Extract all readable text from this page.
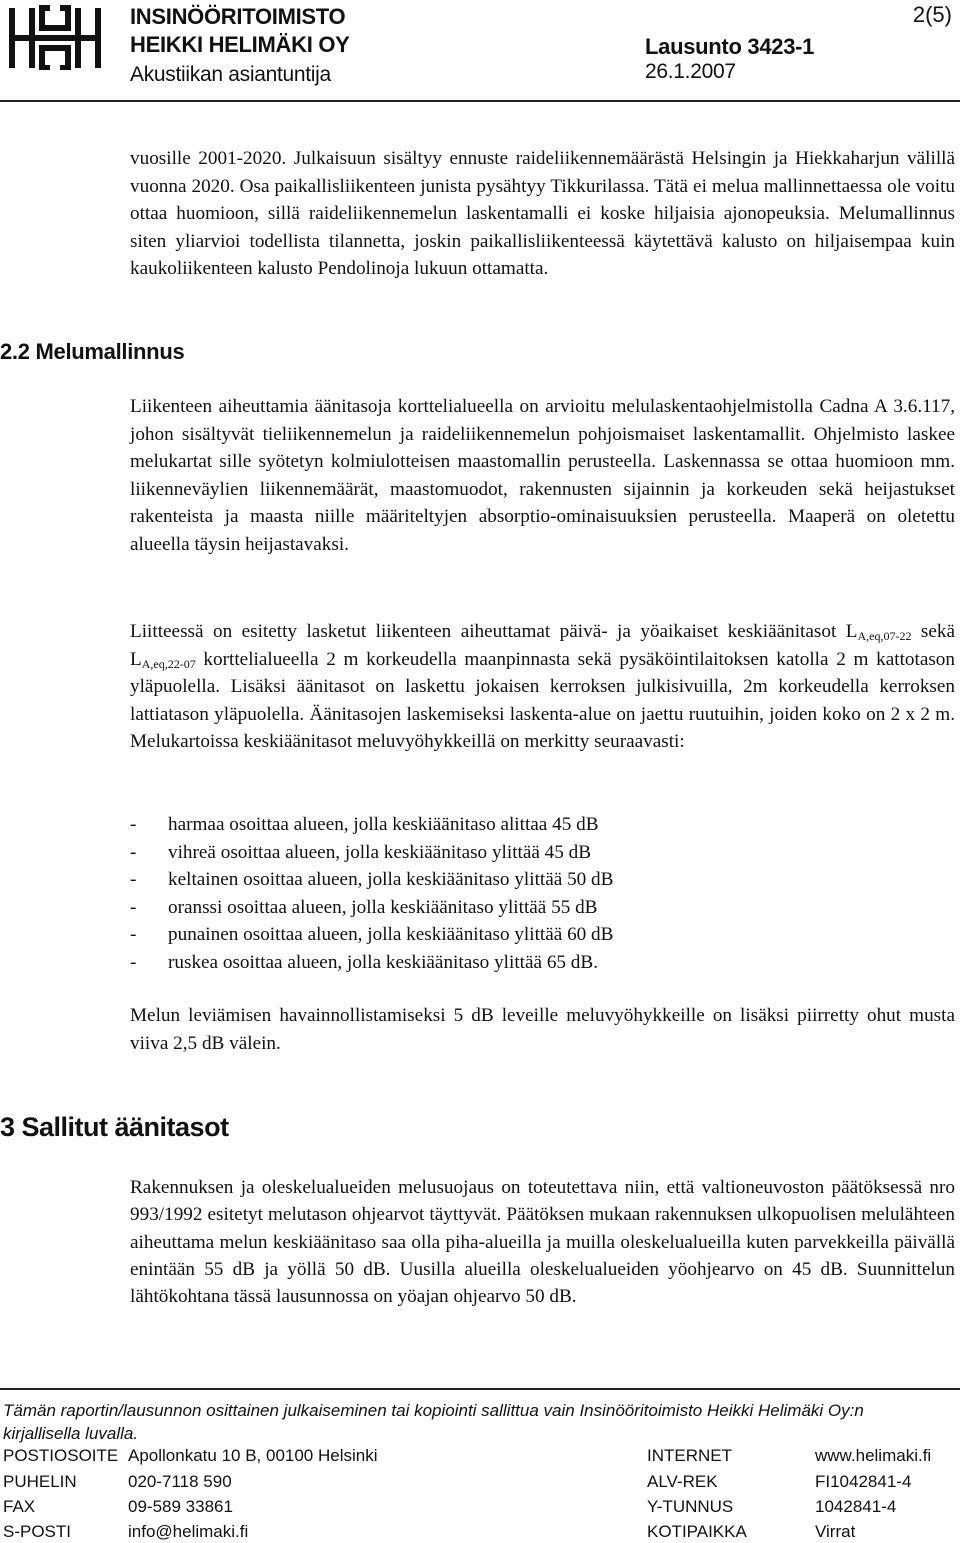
INSINÖÖRITOIMISTO
HEIKKI HELIMÄKI OY
Akustiikan asiantuntija
Lausunto 3423-1
26.1.2007
2(5)

vuosille 2001-2020. Julkaisuun sisältyy ennuste raideliikennemäärästä Helsingin ja Hiekkaharjun välillä vuonna 2020. Osa paikallisliikenteen junista pysähtyy Tikkurilassa. Tätä ei melua mallinnettaessa ole voitu ottaa huomioon, sillä raideliikennemelun laskentamalli ei koske hiljaisia ajonopeuksia. Melumallinnus siten yliarvioi todellista tilannetta, joskin paikallisliikenteessä käytettävä kalusto on hiljaisempaa kuin kaukoliikenteen kalusto Pendolinoja lukuun ottamatta.

2.2 Melumallinnus

Liikenteen aiheuttamia äänitasoja korttelialueella on arvioitu melulaskentaohjelmistolla Cadna A 3.6.117, johon sisältyvät tieliikennemelun ja raideliikennemelun pohjoismaiset laskentamallit. Ohjelmisto laskee melukartat sille syötetyn kolmiulotteisen maastomallin perusteella. Laskennassa se ottaa huomioon mm. liikenneväylien liikennemäärät, maastomuodot, rakennusten sijainnin ja korkeuden sekä heijastukset rakenteista ja maasta niille määriteltyjen absorptio-ominaisuuksien perusteella. Maaperä on oletettu alueella täysin heijastavaksi.

Liitteessä on esitetty lasketut liikenteen aiheuttamat päivä- ja yöaikaiset keskiäänitasot $L_{A,eq,07-22}$ sekä $L_{A,eq,22-07}$ korttelialueella 2 m korkeudella maanpinnasta sekä pysäköintilaitoksen katolla 2 m kattotason yläpuolella. Lisäksi äänitasot on laskettu jokaisen kerroksen julkisivuilla, 2m korkeudella kerroksen lattiatason yläpuolella. Äänitasojen laskemiseksi laskenta-alue on jaettu ruutuihin, joiden koko on 2 x 2 m. Melukartoissa keskiäänitasot meluvyöhykkeillä on merkitty seuraavasti:

- harmaa osoittaa alueen, jolla keskiäänitaso alittaa 45 dB
- vihreä osoittaa alueen, jolla keskiäänitaso ylittää 45 dB
- keltainen osoittaa alueen, jolla keskiäänitaso ylittää 50 dB
- oranssi osoittaa alueen, jolla keskiäänitaso ylittää 55 dB
- punainen osoittaa alueen, jolla keskiäänitaso ylittää 60 dB
- ruskea osoittaa alueen, jolla keskiäänitaso ylittää 65 dB.

Melun leviämisen havainnollistamiseksi 5 dB leveille meluvyöhykkeille on lisäksi piirretty ohut musta viiva 2,5 dB välein.

3 Sallitut äänitasot

Rakennuksen ja oleskelualueiden melusuojaus on toteutettava niin, että valtioneuvoston päätöksessä nro 993/1992 esitetyt melutason ohjearvot täyttyvät. Päätöksen mukaan rakennuksen ulkopuolisen melulähteen aiheuttama melun keskiäänitaso saa olla piha-alueilla ja muilla oleskelualueilla kuten parvekkeilla päivällä enintään 55 dB ja yöllä 50 dB. Uusilla alueilla oleskelualueiden yöohjearvo on 45 dB. Suunnittelun lähtökohtana tässä lausunnossa on yöajan ohjearvo 50 dB.

Tämän raportin/lausunnon osittainen julkaiseminen tai kopiointi sallittua vain Insinööritoimisto Heikki Helimäki Oy:n kirjallisella luvalla.
POSTIOSOITE Apollonkatu 10 B, 00100 Helsinki	INTERNET	www.helimaki.fi
PUHELIN	020-7118 590	ALV-REK	FI1042841-4
FAX	09-589 33861	Y-TUNNUS	1042841-4
S-POSTI	info@helimaki.fi	KOTIPAIKKA	Virrat
